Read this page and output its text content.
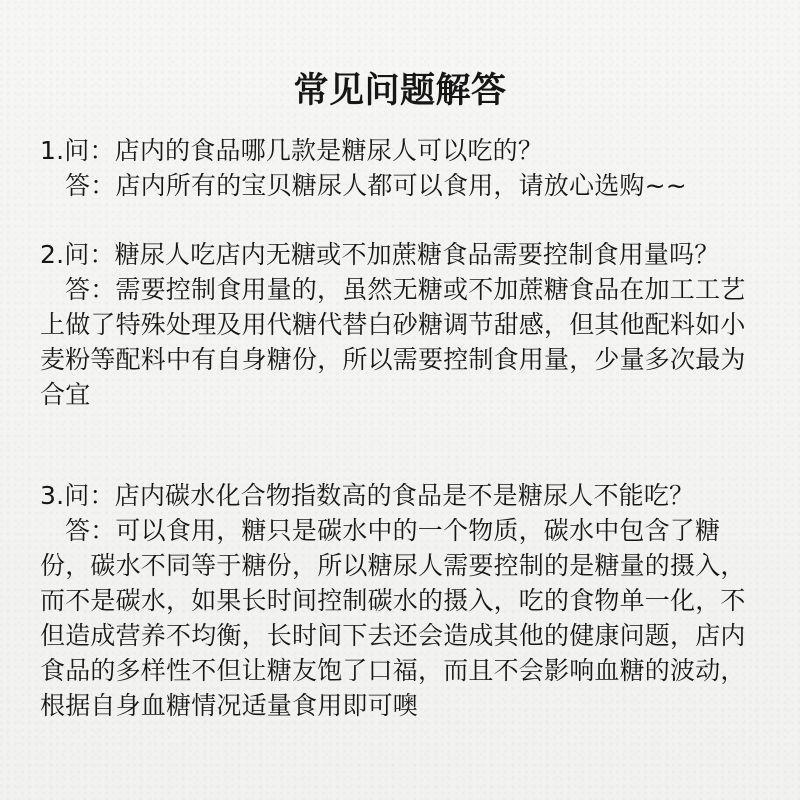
常见问题解答

1.问：店内的食品哪几款是糖尿人可以吃的？

答：店内所有的宝贝糖尿人都可以食用，请放心选购~~

2.问：糖尿人吃店内无糖或不加蔗糖食品需要控制食用量吗？

答：需要控制食用量的，虽然无糖或不加蔗糖食品在加工工艺上做了特殊处理及用代糖代替白砂糖调节甜感，但其他配料如小麦粉等配料中有自身糖份，所以需要控制食用量，少量多次最为合宜

3.问：店内碳水化合物指数高的食品是不是糖尿人不能吃？

答：可以食用，糖只是碳水中的一个物质，碳水中包含了糖份，碳水不同等于糖份，所以糖尿人需要控制的是糖量的摄入，而不是碳水，如果长时间控制碳水的摄入，吃的食物单一化，不但造成营养不均衡，长时间下去还会造成其他的健康问题，店内食品的多样性不但让糖友饱了口福，而且不会影响血糖的波动，根据自身血糖情况适量食用即可噢
